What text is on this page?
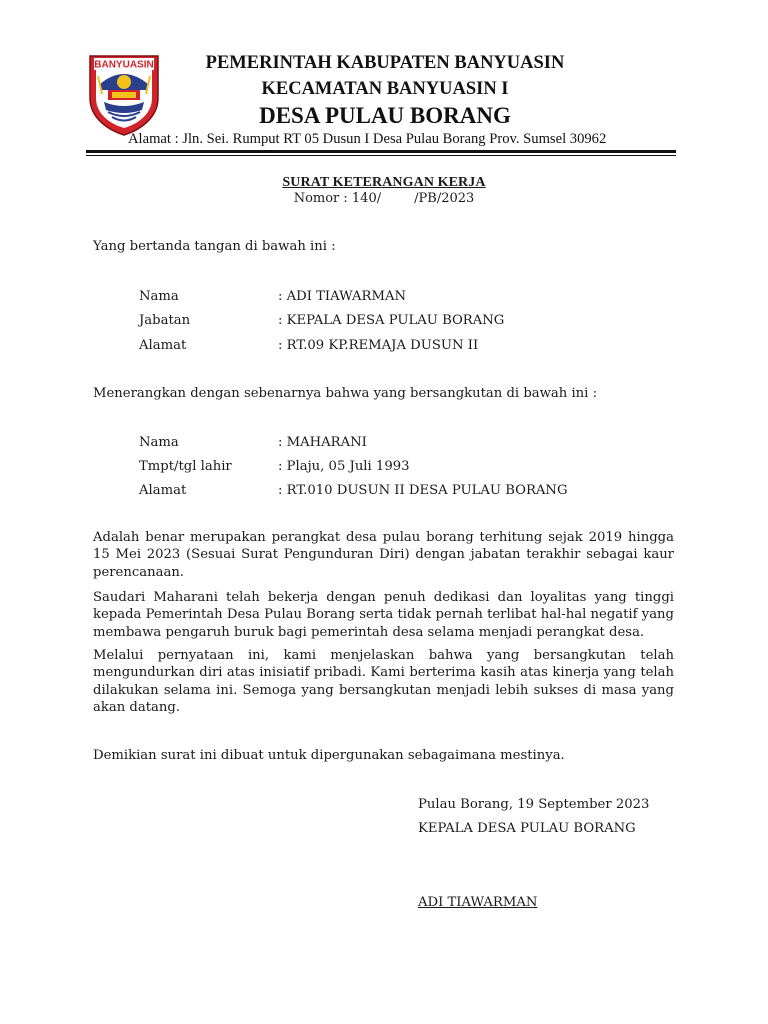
BANYUASIN	PEMERINTAH KABUPATEN BANYUASIN
KECAMATAN BANYUASIN I
DESA PULAU BORANG
Alamat : Jln. Sei. Rumput RT 05 Dusun I Desa Pulau Borang Prov. Sumsel 30962
SURAT KETERANGAN KERJA
Nomor : 140/        /PB/2023
Yang bertanda tangan di bawah ini :
Nama	: ADI TIAWARMAN
Jabatan	: KEPALA DESA PULAU BORANG
Alamat	: RT.09 KP.REMAJA DUSUN II
Menerangkan dengan sebenarnya bahwa yang bersangkutan di bawah ini :
Nama	: MAHARANI
Tmpt/tgl lahir	: Plaju, 05 Juli 1993
Alamat	: RT.010 DUSUN II DESA PULAU BORANG
Adalah benar merupakan perangkat desa pulau borang terhitung sejak 2019 hingga 15 Mei 2023 (Sesuai Surat Pengunduran Diri) dengan jabatan terakhir sebagai kaur perencanaan.
Saudari Maharani telah bekerja dengan penuh dedikasi dan loyalitas yang tinggi kepada Pemerintah Desa Pulau Borang serta tidak pernah terlibat hal-hal negatif yang membawa pengaruh buruk bagi pemerintah desa selama menjadi perangkat desa.
Melalui pernyataan ini, kami menjelaskan bahwa yang bersangkutan telah mengundurkan diri atas inisiatif pribadi. Kami berterima kasih atas kinerja yang telah dilakukan selama ini. Semoga yang bersangkutan menjadi lebih sukses di masa yang akan datang.
Demikian surat ini dibuat untuk dipergunakan sebagaimana mestinya.
Pulau Borang, 19 September 2023
KEPALA DESA PULAU BORANG
ADI TIAWARMAN
